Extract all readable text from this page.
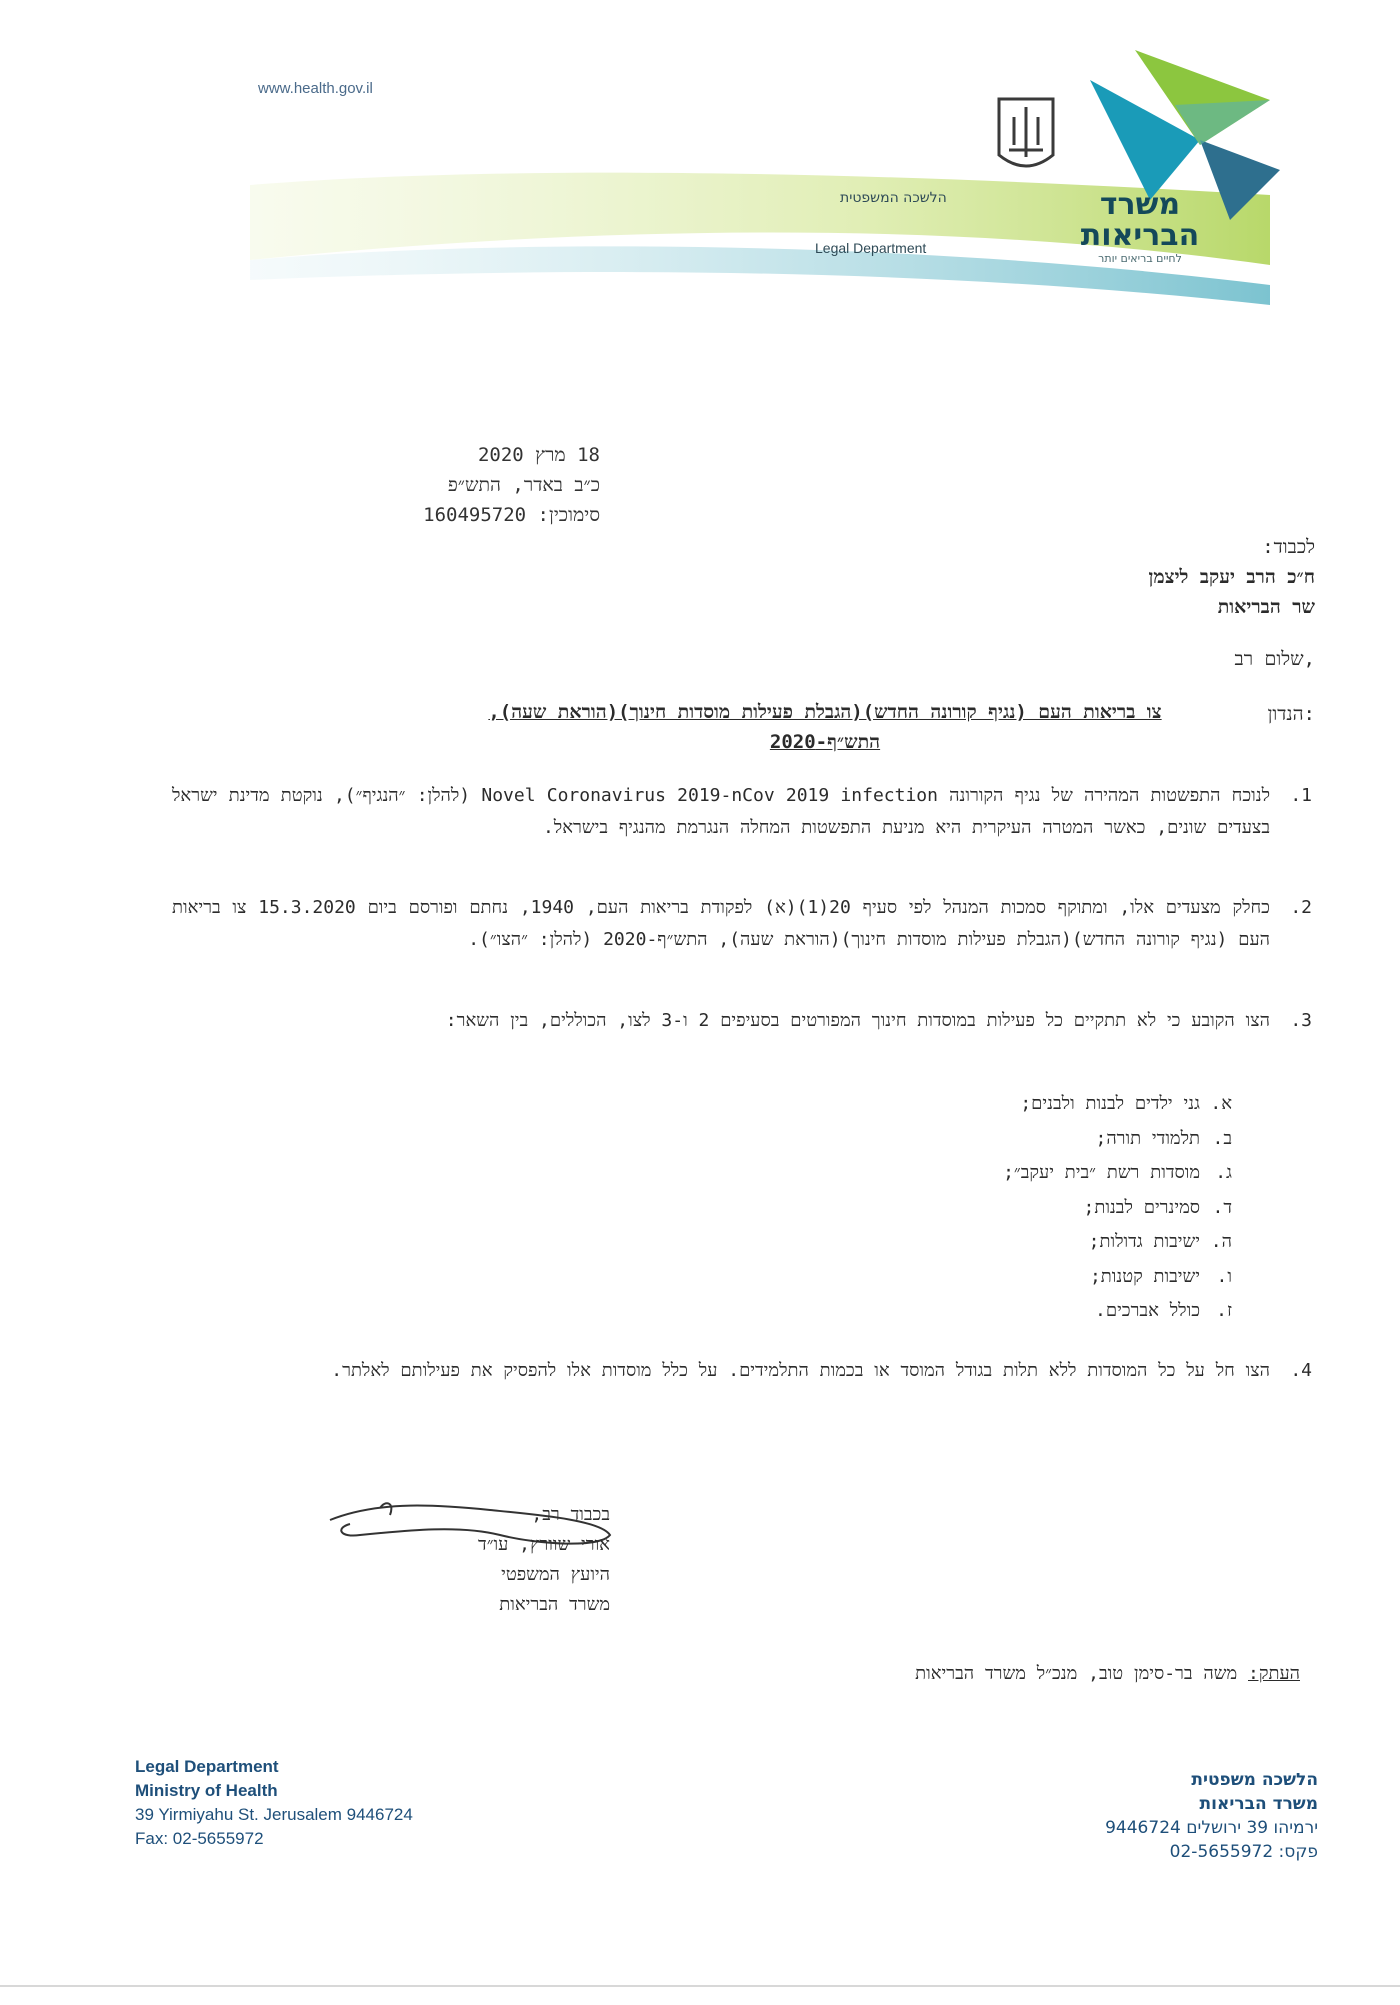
www.health.gov.il
משרד
הבריאות
לחיים בריאים יותר
הלשכה המשפטית
Legal Department
18 מרץ 2020
כ״ב באדר, התש״פ
סימוכין: 160495720
לכבוד:
ח״כ הרב יעקב ליצמן
שר הבריאות
שלום רב,
הנדון:
צו בריאות העם (נגיף קורונה החדש)(הגבלת פעילות מוסדות חינוך)(הוראת שעה), התש״ף-2020
1.
לנוכח התפשטות המהירה של נגיף הקורונה Novel Coronavirus 2019-nCov 2019 infection (להלן: ״הנגיף״), נוקטת מדינת ישראל בצעדים שונים, כאשר המטרה העיקרית היא מניעת התפשטות המחלה הנגרמת מהנגיף בישראל.
2.
כחלק מצעדים אלו, ומתוקף סמכות המנהל לפי סעיף 20(1)(א) לפקודת בריאות העם, 1940, נחתם ופורסם ביום 15.3.2020 צו בריאות העם (נגיף קורונה החדש)(הגבלת פעילות מוסדות חינוך)(הוראת שעה), התש״ף-2020 (להלן: ״הצו״).
3.
הצו הקובע כי לא תתקיים כל פעילות במוסדות חינוך המפורטים בסעיפים 2 ו-3 לצו, הכוללים, בין השאר:
א.גני ילדים לבנות ולבנים;
ב.תלמודי תורה;
ג.מוסדות רשת ״בית יעקב״;
ד.סמינרים לבנות;
ה.ישיבות גדולות;
ו.ישיבות קטנות;
ז.כולל אברכים.
4.
הצו חל על כל המוסדות ללא תלות בגודל המוסד או בכמות התלמידים. על כלל מוסדות אלו להפסיק את פעילותם לאלתר.
בכבוד רב,
אורי שוורץ, עו״ד
היועץ המשפטי
משרד הבריאות
העתק: משה בר-סימן טוב, מנכ״ל משרד הבריאות
Legal Department
Ministry of Health
39 Yirmiyahu St. Jerusalem 9446724
Fax: 02-5655972
הלשכה משפטית
משרד הבריאות
ירמיהו 39 ירושלים 9446724
פקס: 02-5655972
